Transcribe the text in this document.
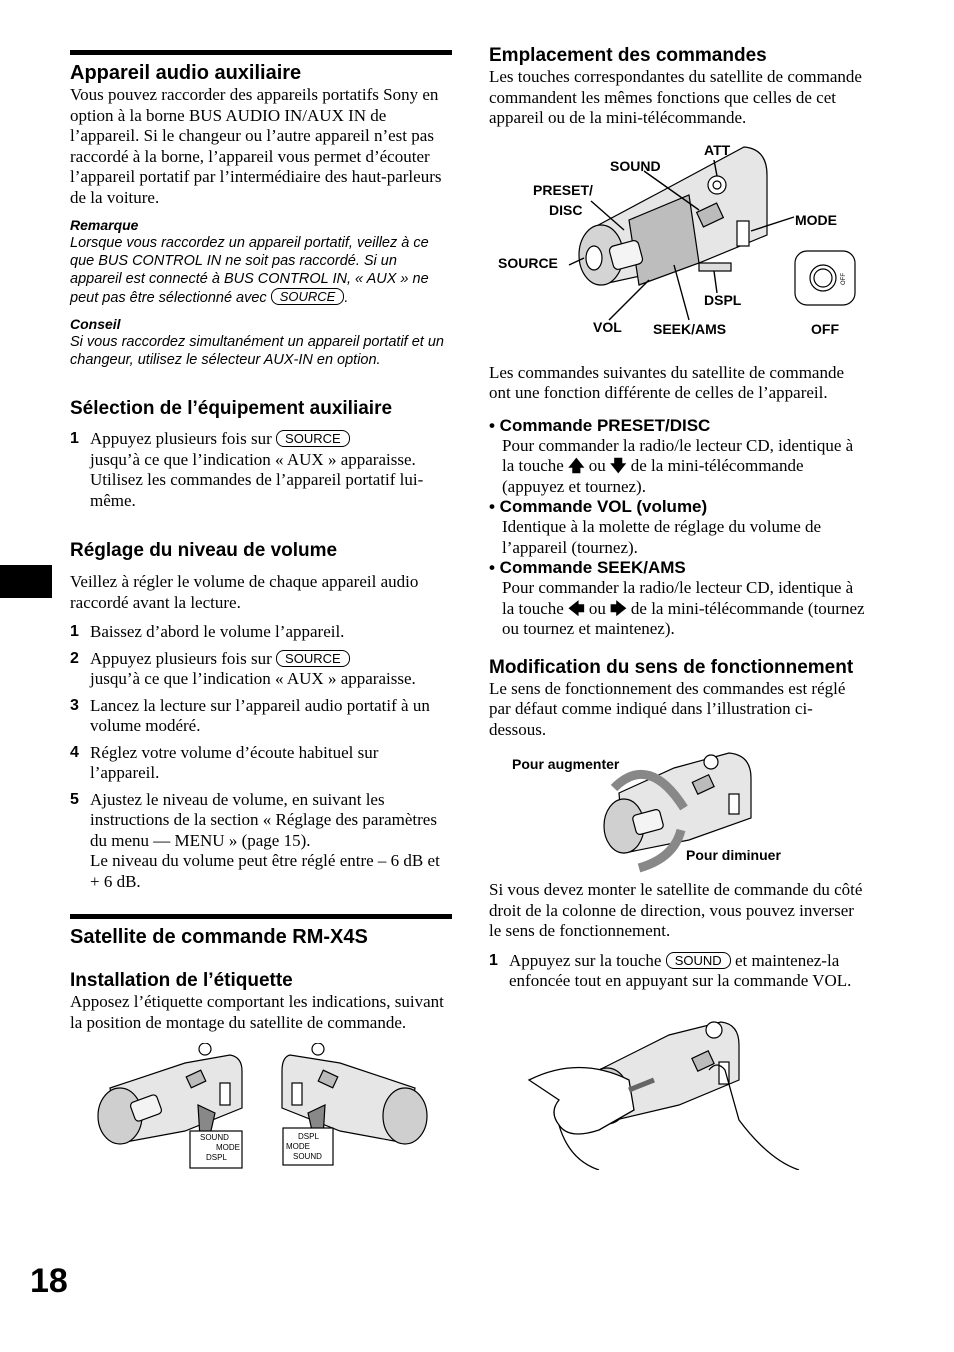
18
Appareil audio auxiliaire
Vous pouvez raccorder des appareils portatifs Sony en option à la borne BUS AUDIO IN/AUX IN de l’appareil. Si le changeur ou l’autre appareil n’est pas raccordé à la borne, l’appareil vous permet d’écouter l’appareil portatif par l’intermédiaire des haut-parleurs de la voiture.
Remarque
Lorsque vous raccordez un appareil portatif, veillez à ce que BUS CONTROL IN ne soit pas raccordé. Si un appareil est connecté à BUS CONTROL IN, « AUX » ne peut pas être sélectionné avec SOURCE .
Conseil
Si vous raccordez simultanément un appareil portatif et un changeur, utilisez le sélecteur AUX-IN en option.
Sélection de l’équipement auxiliaire
1 Appuyez plusieurs fois sur SOURCE
jusqu’à ce que l’indication « AUX » apparaisse.
Utilisez les commandes de l’appareil portatif lui-même.
Réglage du niveau de volume
Veillez à régler le volume de chaque appareil audio raccordé avant la lecture.
1 Baissez d’abord le volume l’appareil.
2 Appuyez plusieurs fois sur SOURCE
jusqu’à ce que l’indication « AUX » apparaisse.
3 Lancez la lecture sur l’appareil audio portatif à un volume modéré.
4 Réglez votre volume d’écoute habituel sur l’appareil.
5 Ajustez le niveau de volume, en suivant les instructions de la section « Réglage des paramètres du menu — MENU » (page 15).
Le niveau du volume peut être réglé entre – 6 dB et + 6 dB.
Satellite de commande RM-X4S
Installation de l’étiquette
Apposez l’étiquette comportant les indications, suivant la position de montage du satellite de commande.
SOUND
MODE
DSPL
DSPL
MODE
SOUND
Emplacement des commandes
Les touches correspondantes du satellite de commande commandent les mêmes fonctions que celles de cet appareil ou de la mini-télécommande.
ATT
SOUND
PRESET/
DISC
MODE
SOURCE
DSPL
VOL SEEK/AMS	OFF
OFF
Les commandes suivantes du satellite de commande ont une fonction différente de celles de l’appareil.
• Commande PRESET/DISC
Pour commander la radio/le lecteur CD, identique à la touche 🡅 ou 🡇 de la mini-télécommande (appuyez et tournez).
• Commande VOL (volume)
Identique à la molette de réglage du volume de l’appareil (tournez).
• Commande SEEK/AMS
Pour commander la radio/le lecteur CD, identique à la touche 🡄 ou 🡆 de la mini-télécommande (tournez ou tournez et maintenez).
Modification du sens de fonctionnement
Le sens de fonctionnement des commandes est réglé par défaut comme indiqué dans l’illustration ci-dessous.
Pour augmenter
Pour diminuer
Si vous devez monter le satellite de commande du côté droit de la colonne de direction, vous pouvez inverser le sens de fonctionnement.
1 Appuyez sur la touche SOUND et maintenez-la enfoncée tout en appuyant sur la commande VOL.
